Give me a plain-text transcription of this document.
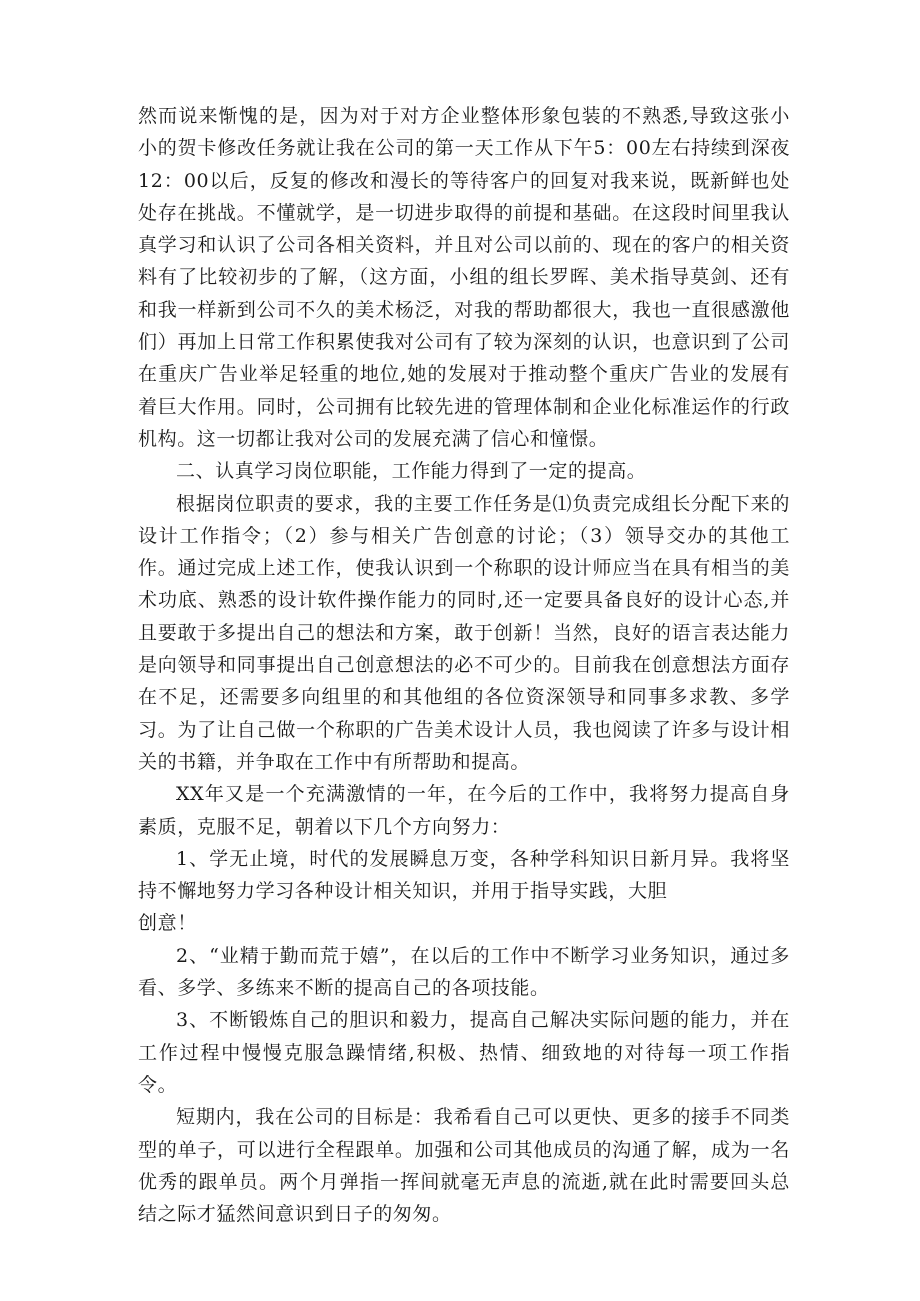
然而说来惭愧的是，因为对于对方企业整体形象包装的不熟悉,导致这张小小的贺卡修改任务就让我在公司的第一天工作从下午5：00左右持续到深夜12：00以后，反复的修改和漫长的等待客户的回复对我来说，既新鲜也处处存在挑战。不懂就学，是一切进步取得的前提和基础。在这段时间里我认真学习和认识了公司各相关资料，并且对公司以前的、现在的客户的相关资料有了比较初步的了解，（这方面，小组的组长罗晖、美术指导莫剑、还有和我一样新到公司不久的美术杨泛，对我的帮助都很大，我也一直很感激他们）再加上日常工作积累使我对公司有了较为深刻的认识，也意识到了公司在重庆广告业举足轻重的地位,她的发展对于推动整个重庆广告业的发展有着巨大作用。同时，公司拥有比较先进的管理体制和企业化标准运作的行政机构。这一切都让我对公司的发展充满了信心和憧憬。

二、认真学习岗位职能，工作能力得到了一定的提高。

根据岗位职责的要求，我的主要工作任务是⑴负责完成组长分配下来的设计工作指令；（2）参与相关广告创意的讨论；（3）领导交办的其他工作。通过完成上述工作，使我认识到一个称职的设计师应当在具有相当的美术功底、熟悉的设计软件操作能力的同时,还一定要具备良好的设计心态,并且要敢于多提出自己的想法和方案，敢于创新！当然，良好的语言表达能力是向领导和同事提出自己创意想法的必不可少的。目前我在创意想法方面存在不足，还需要多向组里的和其他组的各位资深领导和同事多求教、多学习。为了让自己做一个称职的广告美术设计人员，我也阅读了许多与设计相关的书籍，并争取在工作中有所帮助和提高。

XX年又是一个充满激情的一年，在今后的工作中，我将努力提高自身素质，克服不足，朝着以下几个方向努力：

1、学无止境，时代的发展瞬息万变，各种学科知识日新月异。我将坚持不懈地努力学习各种设计相关知识，并用于指导实践，大胆

创意！

2、“业精于勤而荒于嬉”，在以后的工作中不断学习业务知识，通过多看、多学、多练来不断的提高自己的各项技能。

3、不断锻炼自己的胆识和毅力，提高自己解决实际问题的能力，并在工作过程中慢慢克服急躁情绪,积极、热情、细致地的对待每一项工作指令。

短期内，我在公司的目标是：我希看自己可以更快、更多的接手不同类型的单子，可以进行全程跟单。加强和公司其他成员的沟通了解，成为一名优秀的跟单员。两个月弹指一挥间就毫无声息的流逝,就在此时需要回头总结之际才猛然间意识到日子的匆匆。
